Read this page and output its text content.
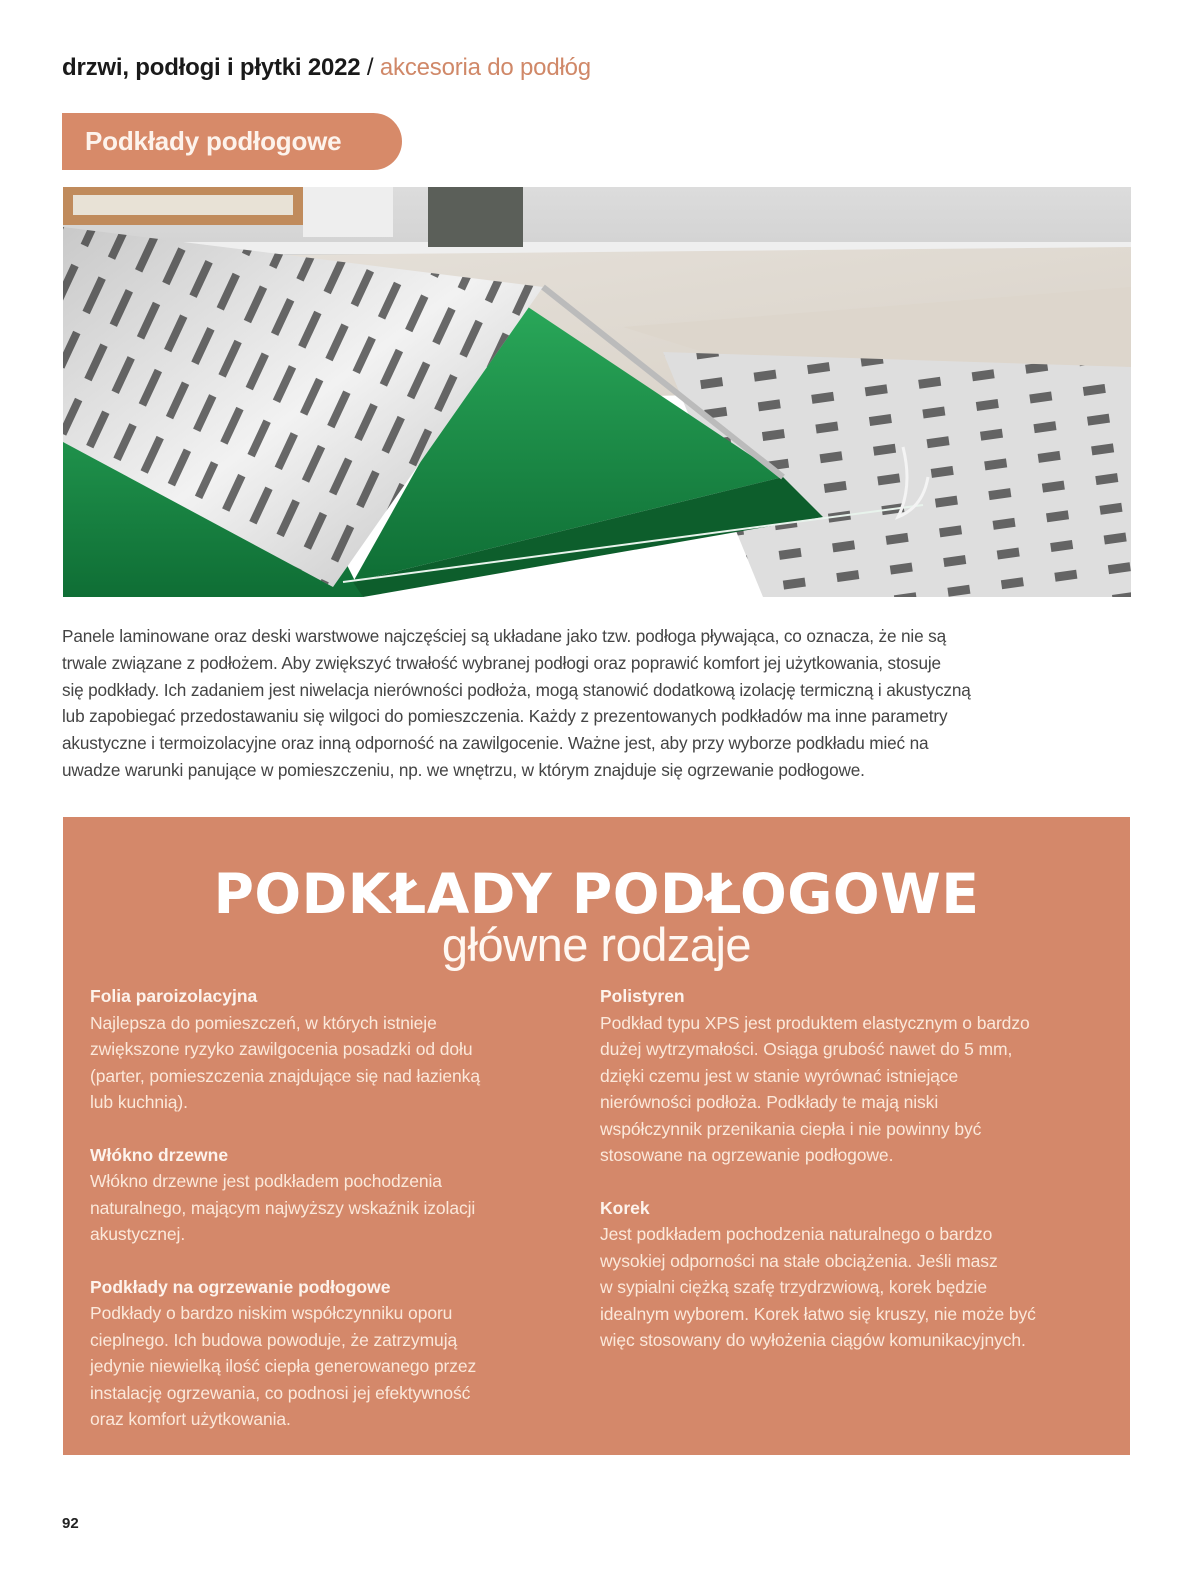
drzwi, podłogi i płytki 2022 / akcesoria do podłóg
Podkłady podłogowe

Panele laminowane oraz deski warstwowe najczęściej są układane jako tzw. podłoga pływająca, co oznacza, że nie są
trwale związane z podłożem. Aby zwiększyć trwałość wybranej podłogi oraz poprawić komfort jej użytkowania, stosuje
się podkłady. Ich zadaniem jest niwelacja nierówności podłoża, mogą stanowić dodatkową izolację termiczną i akustyczną
lub zapobiegać przedostawaniu się wilgoci do pomieszczenia. Każdy z prezentowanych podkładów ma inne parametry
akustyczne i termoizolacyjne oraz inną odporność na zawilgocenie. Ważne jest, aby przy wyborze podkładu mieć na
uwadze warunki panujące w pomieszczeniu, np. we wnętrzu, w którym znajduje się ogrzewanie podłogowe.

PODKŁADY PODŁOGOWE
główne rodzaje
Folia paroizolacyjna

Najlepsza do pomieszczeń, w których istnieje
zwiększone ryzyko zawilgocenia posadzki od dołu
(parter, pomieszczenia znajdujące się nad łazienką
lub kuchnią).

Włókno drzewne

Włókno drzewne jest podkładem pochodzenia
naturalnego, mającym najwyższy wskaźnik izolacji
akustycznej.

Podkłady na ogrzewanie podłogowe

Podkłady o bardzo niskim współczynniku oporu
cieplnego. Ich budowa powoduje, że zatrzymują
jedynie niewielką ilość ciepła generowanego przez
instalację ogrzewania, co podnosi jej efektywność
oraz komfort użytkowania.

Polistyren

Podkład typu XPS jest produktem elastycznym o bardzo
dużej wytrzymałości. Osiąga grubość nawet do 5 mm,
dzięki czemu jest w stanie wyrównać istniejące
nierówności podłoża. Podkłady te mają niski
współczynnik przenikania ciepła i nie powinny być
stosowane na ogrzewanie podłogowe.

Korek

Jest podkładem pochodzenia naturalnego o bardzo
wysokiej odporności na stałe obciążenia. Jeśli masz
w sypialni ciężką szafę trzydrzwiową, korek będzie
idealnym wyborem. Korek łatwo się kruszy, nie może być
więc stosowany do wyłożenia ciągów komunikacyjnych.

92
